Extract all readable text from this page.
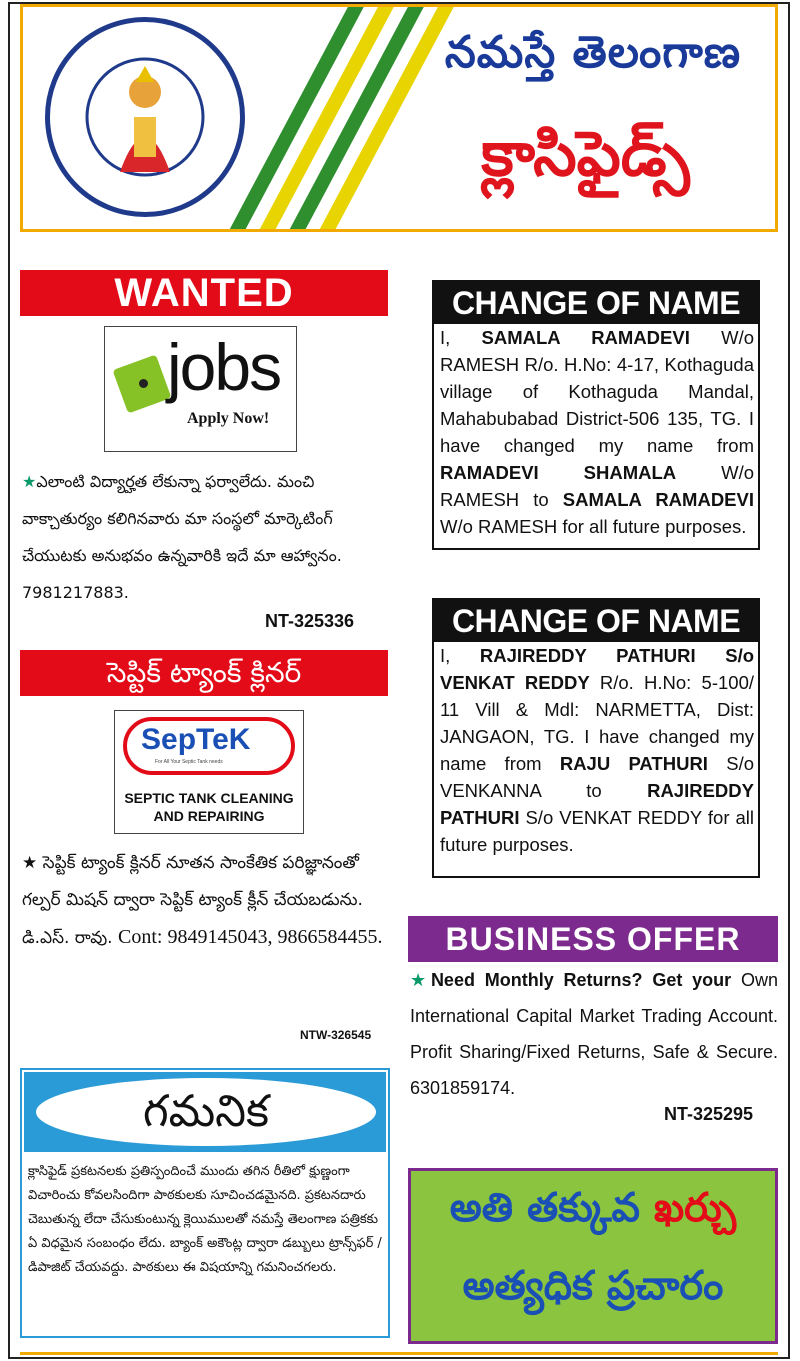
నమస్తే తెలంగాణ
క్లాసిఫైడ్స్
WANTED
jobs
Apply Now!
★ఎలాంటి విద్యార్హత లేకున్నా ఫర్వాలేదు. మంచి వాక్చాతుర్యం కలిగినవారు మా సంస్థలో మార్కెటింగ్ చేయుటకు అనుభవం ఉన్నవారికి ఇదే మా ఆహ్వానం. 7981217883.
NT-325336
సెప్టిక్ ట్యాంక్ క్లినర్
SepTeK
For All Your Septic Tank needs
SEPTIC TANK CLEANING AND REPAIRING
★ సెప్టిక్ ట్యాంక్ క్లినర్ నూతన సాంకేతిక పరిజ్ఞానంతో గల్పర్ మిషన్ ద్వారా సెప్టిక్ ట్యాంక్ క్లీన్ చేయబడును. డి.ఎస్. రావు. Cont: 9849145043, 9866584455.
NTW-326545
గమనిక
క్లాసిఫైడ్ ప్రకటనలకు ప్రతిస్పందించే ముందు తగిన రీతిలో క్షుణ్ణంగా విచారించు కోవలసిందిగా పాఠకులకు సూచించడమైనది. ప్రకటనదారు చెబుతున్న లేదా చేసుకుంటున్న క్లెయిములతో నమస్తే తెలంగాణ పత్రికకు ఏ విధమైన సంబంధం లేదు. బ్యాంక్ అకౌంట్ల ద్వారా డబ్బులు ట్రాన్స్‌ఫర్ / డిపాజిట్ చేయవద్దు. పాఠకులు ఈ విషయాన్ని గమనించగలరు.
CHANGE OF NAME
I, SAMALA RAMADEVI W/o RAMESH R/o. H.No: 4-17, Kothaguda village of Kothaguda Mandal, Mahabubabad District-506 135, TG. I have changed my name from RAMADEVI SHAMALA W/o RAMESH to SAMALA RAMADEVI W/o RAMESH for all future purposes.
CHANGE OF NAME
I, RAJIREDDY PATHURI S/o VENKAT REDDY R/o. H.No: 5-100/ 11 Vill & Mdl: NARMETTA, Dist: JANGAON, TG. I have changed my name from RAJU PATHURI S/o VENKANNA to RAJIREDDY PATHURI S/o VENKAT REDDY for all future purposes.
BUSINESS OFFER
★Need Monthly Returns? Get your Own International Capital Market Trading Account. Profit Sharing/Fixed Returns, Safe & Secure. 6301859174.
NT-325295
అతి తక్కువ ఖర్చు
అత్యధిక ప్రచారం
